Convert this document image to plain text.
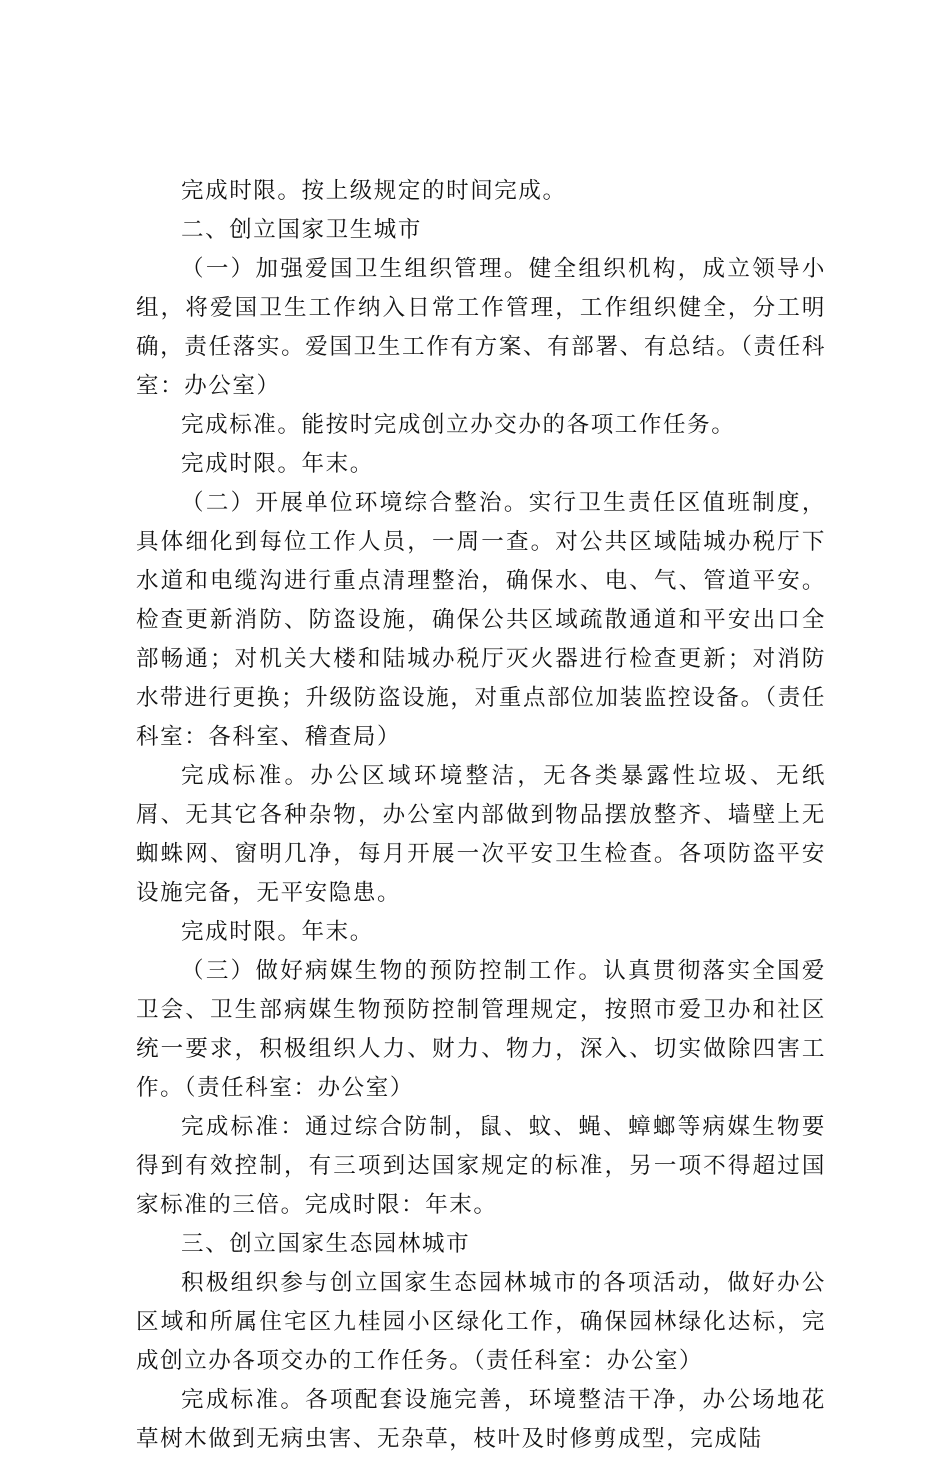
完成时限。按上级规定的时间完成。

二、创立国家卫生城市

（一）加强爱国卫生组织管理。健全组织机构，成立领导小组，将爱国卫生工作纳入日常工作管理，工作组织健全，分工明确，责任落实。爱国卫生工作有方案、有部署、有总结。（责任科室：办公室）

完成标准。能按时完成创立办交办的各项工作任务。

完成时限。年末。

（二）开展单位环境综合整治。实行卫生责任区值班制度，具体细化到每位工作人员，一周一查。对公共区域陆城办税厅下水道和电缆沟进行重点清理整治，确保水、电、气、管道平安。检查更新消防、防盗设施，确保公共区域疏散通道和平安出口全部畅通；对机关大楼和陆城办税厅灭火器进行检查更新；对消防水带进行更换；升级防盗设施，对重点部位加装监控设备。（责任科室：各科室、稽查局）

完成标准。办公区域环境整洁，无各类暴露性垃圾、无纸屑、无其它各种杂物，办公室内部做到物品摆放整齐、墙壁上无蜘蛛网、窗明几净，每月开展一次平安卫生检查。各项防盗平安设施完备，无平安隐患。

完成时限。年末。

（三）做好病媒生物的预防控制工作。认真贯彻落实全国爱卫会、卫生部病媒生物预防控制管理规定，按照市爱卫办和社区统一要求，积极组织人力、财力、物力，深入、切实做除四害工作。（责任科室：办公室）

完成标准：通过综合防制，鼠、蚊、蝇、蟑螂等病媒生物要得到有效控制，有三项到达国家规定的标准，另一项不得超过国家标准的三倍。完成时限：年末。

三、创立国家生态园林城市

积极组织参与创立国家生态园林城市的各项活动，做好办公区域和所属住宅区九桂园小区绿化工作，确保园林绿化达标，完成创立办各项交办的工作任务。（责任科室：办公室）

完成标准。各项配套设施完善，环境整洁干净，办公场地花草树木做到无病虫害、无杂草，枝叶及时修剪成型，完成陆
